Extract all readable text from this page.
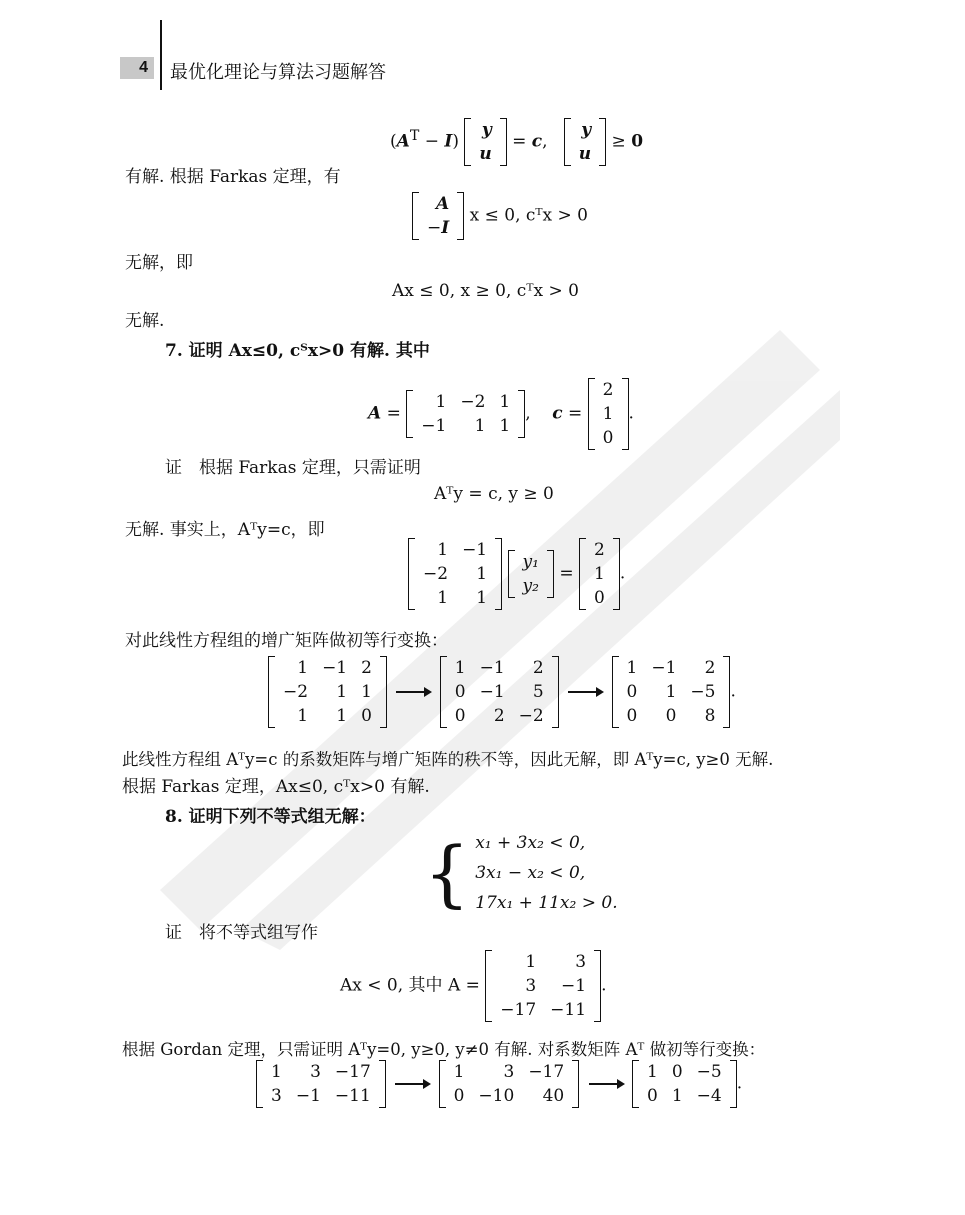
4	最优化理论与算法习题解答
$(A^T - I)$
y
u
= c,
y
u
≥ 0
有解. 根据 Farkas 定理，有
A
−I
x ≤ 0, cᵀx > 0
无解，即
Ax ≤ 0, x ≥ 0, cᵀx > 0
无解.
7. 证明 Ax≤0, cᵀx>0 有解. 其中
A =
1	−2	1
−1	1	1
,    c =
2
1
0
.
证　根据 Farkas 定理，只需证明
Aᵀy = c, y ≥ 0
无解. 事实上，Aᵀy=c，即
1	−1
−2	1
1	1

y₁
y₂
=
2
1
0
.
对此线性方程组的增广矩阵做初等行变换：
1	−1	2
−2	1	1
1	1	0

1	−1	2
0	−1	5
0	2	−2

1	−1	2
0	1	−5
0	0	8
.
此线性方程组 Aᵀy=c 的系数矩阵与增广矩阵的秩不等，因此无解，即 Aᵀy=c, y≥0 无解.
根据 Farkas 定理，Ax≤0, cᵀx>0 有解.
8. 证明下列不等式组无解：
{ x₁ + 3x₂ < 0,
3x₁ − x₂ < 0,
17x₁ + 11x₂ > 0.
证　将不等式组写作
Ax < 0, 其中 A =
1	3
3	−1
−17	−11
.
根据 Gordan 定理，只需证明 Aᵀy=0, y≥0, y≠0 有解. 对系数矩阵 Aᵀ 做初等行变换：
1	3	−17
3	−1	−11

1	3	−17
0	−10	40

1	0	−5
0	1	−4
.
